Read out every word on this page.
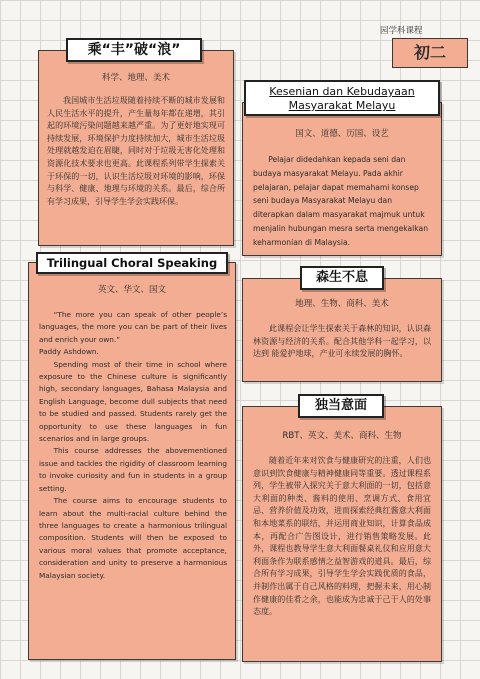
园学科课程
初二
科学、地理、美术

我国城市生活垃圾随着持续不断的城市发展和人民生活水平的提升，产生量每年都在递增，其引起的环境污染问题越来越严重。为了更好地实现可持续发展，环境保护力度持续加大，城市生活垃圾处理就越发迫在眉睫，同时对于垃圾无害化处理和资源化技术要求也更高。此课程系列带学生探索关于环保的一切，认识生活垃圾对环境的影响，环保与科学、健康、地理与环境的关系。最后，综合所有学习成果，引导学生学会实践环保。

乘“丰”破“浪”
国文、道德、历国、设艺

Pelajar didedahkan kepada seni dan budaya masyarakat Melayu. Pada akhir pelajaran, pelajar dapat memahami konsep seni budaya Masyarakat Melayu dan diterapkan dalam masyarakat majmuk untuk menjalin hubungan mesra serta mengekalkan keharmonian di Malaysia.

Kesenian dan Kebudayaan
Masyarakat Melayu
英文、华文、国文

“The more you can speak of other people’s languages, the more you can be part of their lives and enrich your own.”

Paddy Ashdown.

Spending most of their time in school where exposure to the Chinese culture is significantly high, secondary languages, Bahasa Malaysia and English Language, become dull subjects that need to be studied and passed. Students rarely get the opportunity to use these languages in fun scenarios and in large groups.

This course addresses the abovementioned issue and tackles the rigidity of classroom learning to invoke curiosity and fun in students in a group setting.

The course aims to encourage students to learn about the multi-racial culture behind the three languages to create a harmonious trilingual composition. Students will then be exposed to various moral values that promote acceptance, consideration and unity to preserve a harmonious Malaysian society.

Trilingual Choral Speaking
地理、生物、商科、美术

此课程会让学生探索关于森林的知识，认识森林资源与经济的关系。配合其他学科一起学习，以达到 能爱护地球，产业可永续发展的胸怀。

森生不息
RBT、英文、美术、商科、生物

随着近年来对饮食与健康研究的注重，人们也意识到饮食健康与精神健康同等重要。透过课程系列，学生被带入探究关于意大利面的一切，包括意大利面的种类、酱料的使用、烹调方式、食用宜忌、营养价值及功效，进而探索经典红酱意大利面和本地菜系的联结，并运用商业知识，计算食品成本，再配合广告图设计，进行销售策略发展。此外，课程也教导学生意大利面餐桌礼仪和应用意大利面条作为联系感情之益智游戏的道具。最后，综合所有学习成果，引导学生学会实践优质的食品，并制作出属于自己风格的料理，把握未来，用心制作健康的佳肴之余，也能成为忠诚于己于人的处事态度。

独当意面
